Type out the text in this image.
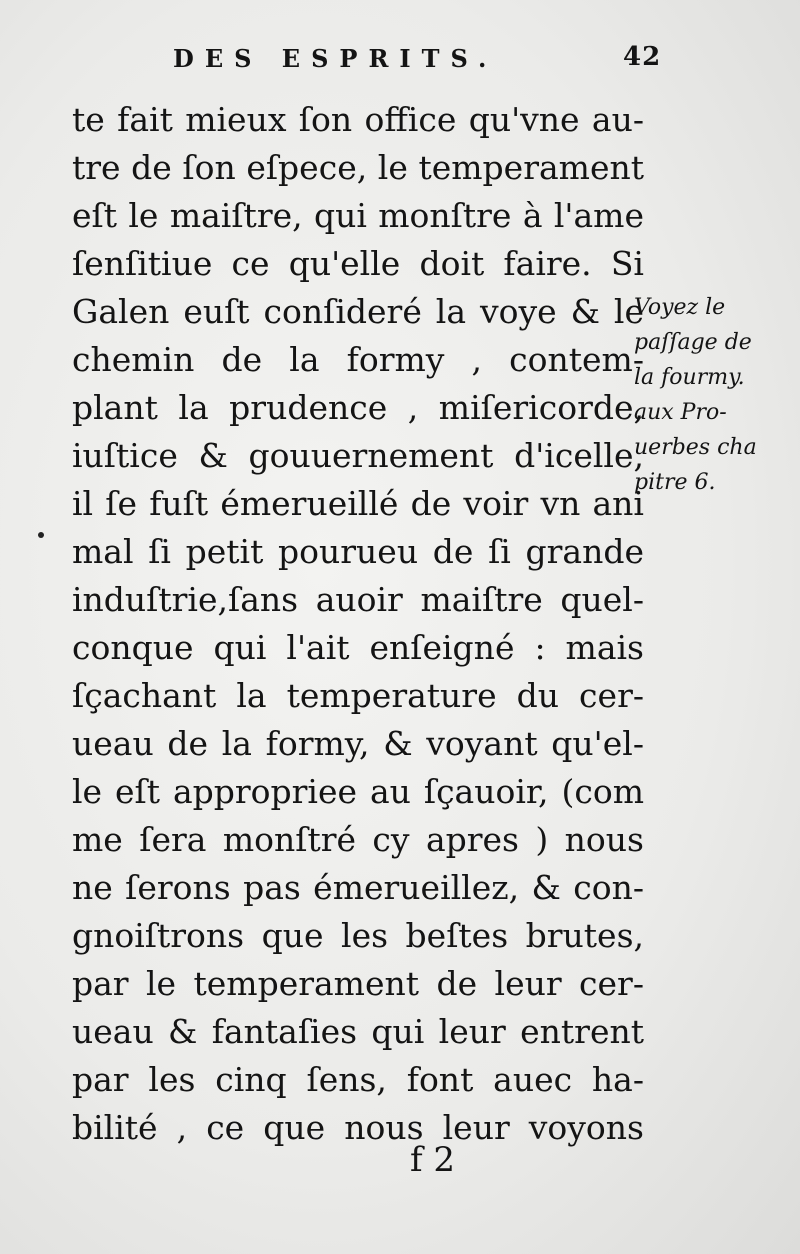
DES ESPRITS.	42
te fait mieux ſon office qu'vne au-
tre de ſon eſpece, le temperament
eſt le maiſtre, qui monſtre à l'ame
ſenſitiue ce qu'elle doit faire. Si
Galen euſt conſideré la voye & le
chemin de la formy , contem-
plant la prudence , miſericorde,
iuſtice & gouuernement d'icelle,
il ſe fuſt émerueillé de voir vn ani
mal ſi petit pourueu de ſi grande
induſtrie,ſans auoir maiſtre quel-
conque qui l'ait enſeigné : mais
ſçachant la temperature du cer-
ueau de la formy, & voyant qu'el-
le eſt appropriee au ſçauoir, (com
me ſera monſtré cy apres ) nous
ne ſerons pas émerueillez, & con-
gnoiſtrons que les beſtes brutes,
par le temperament de leur cer-
ueau & fantaſies qui leur entrent
par les cinq ſens, font auec ha-
bilité , ce que nous leur voyons
Voyez le
paſſage de
la fourmy.
aux Pro-
uerbes cha
pitre 6.
f 2
